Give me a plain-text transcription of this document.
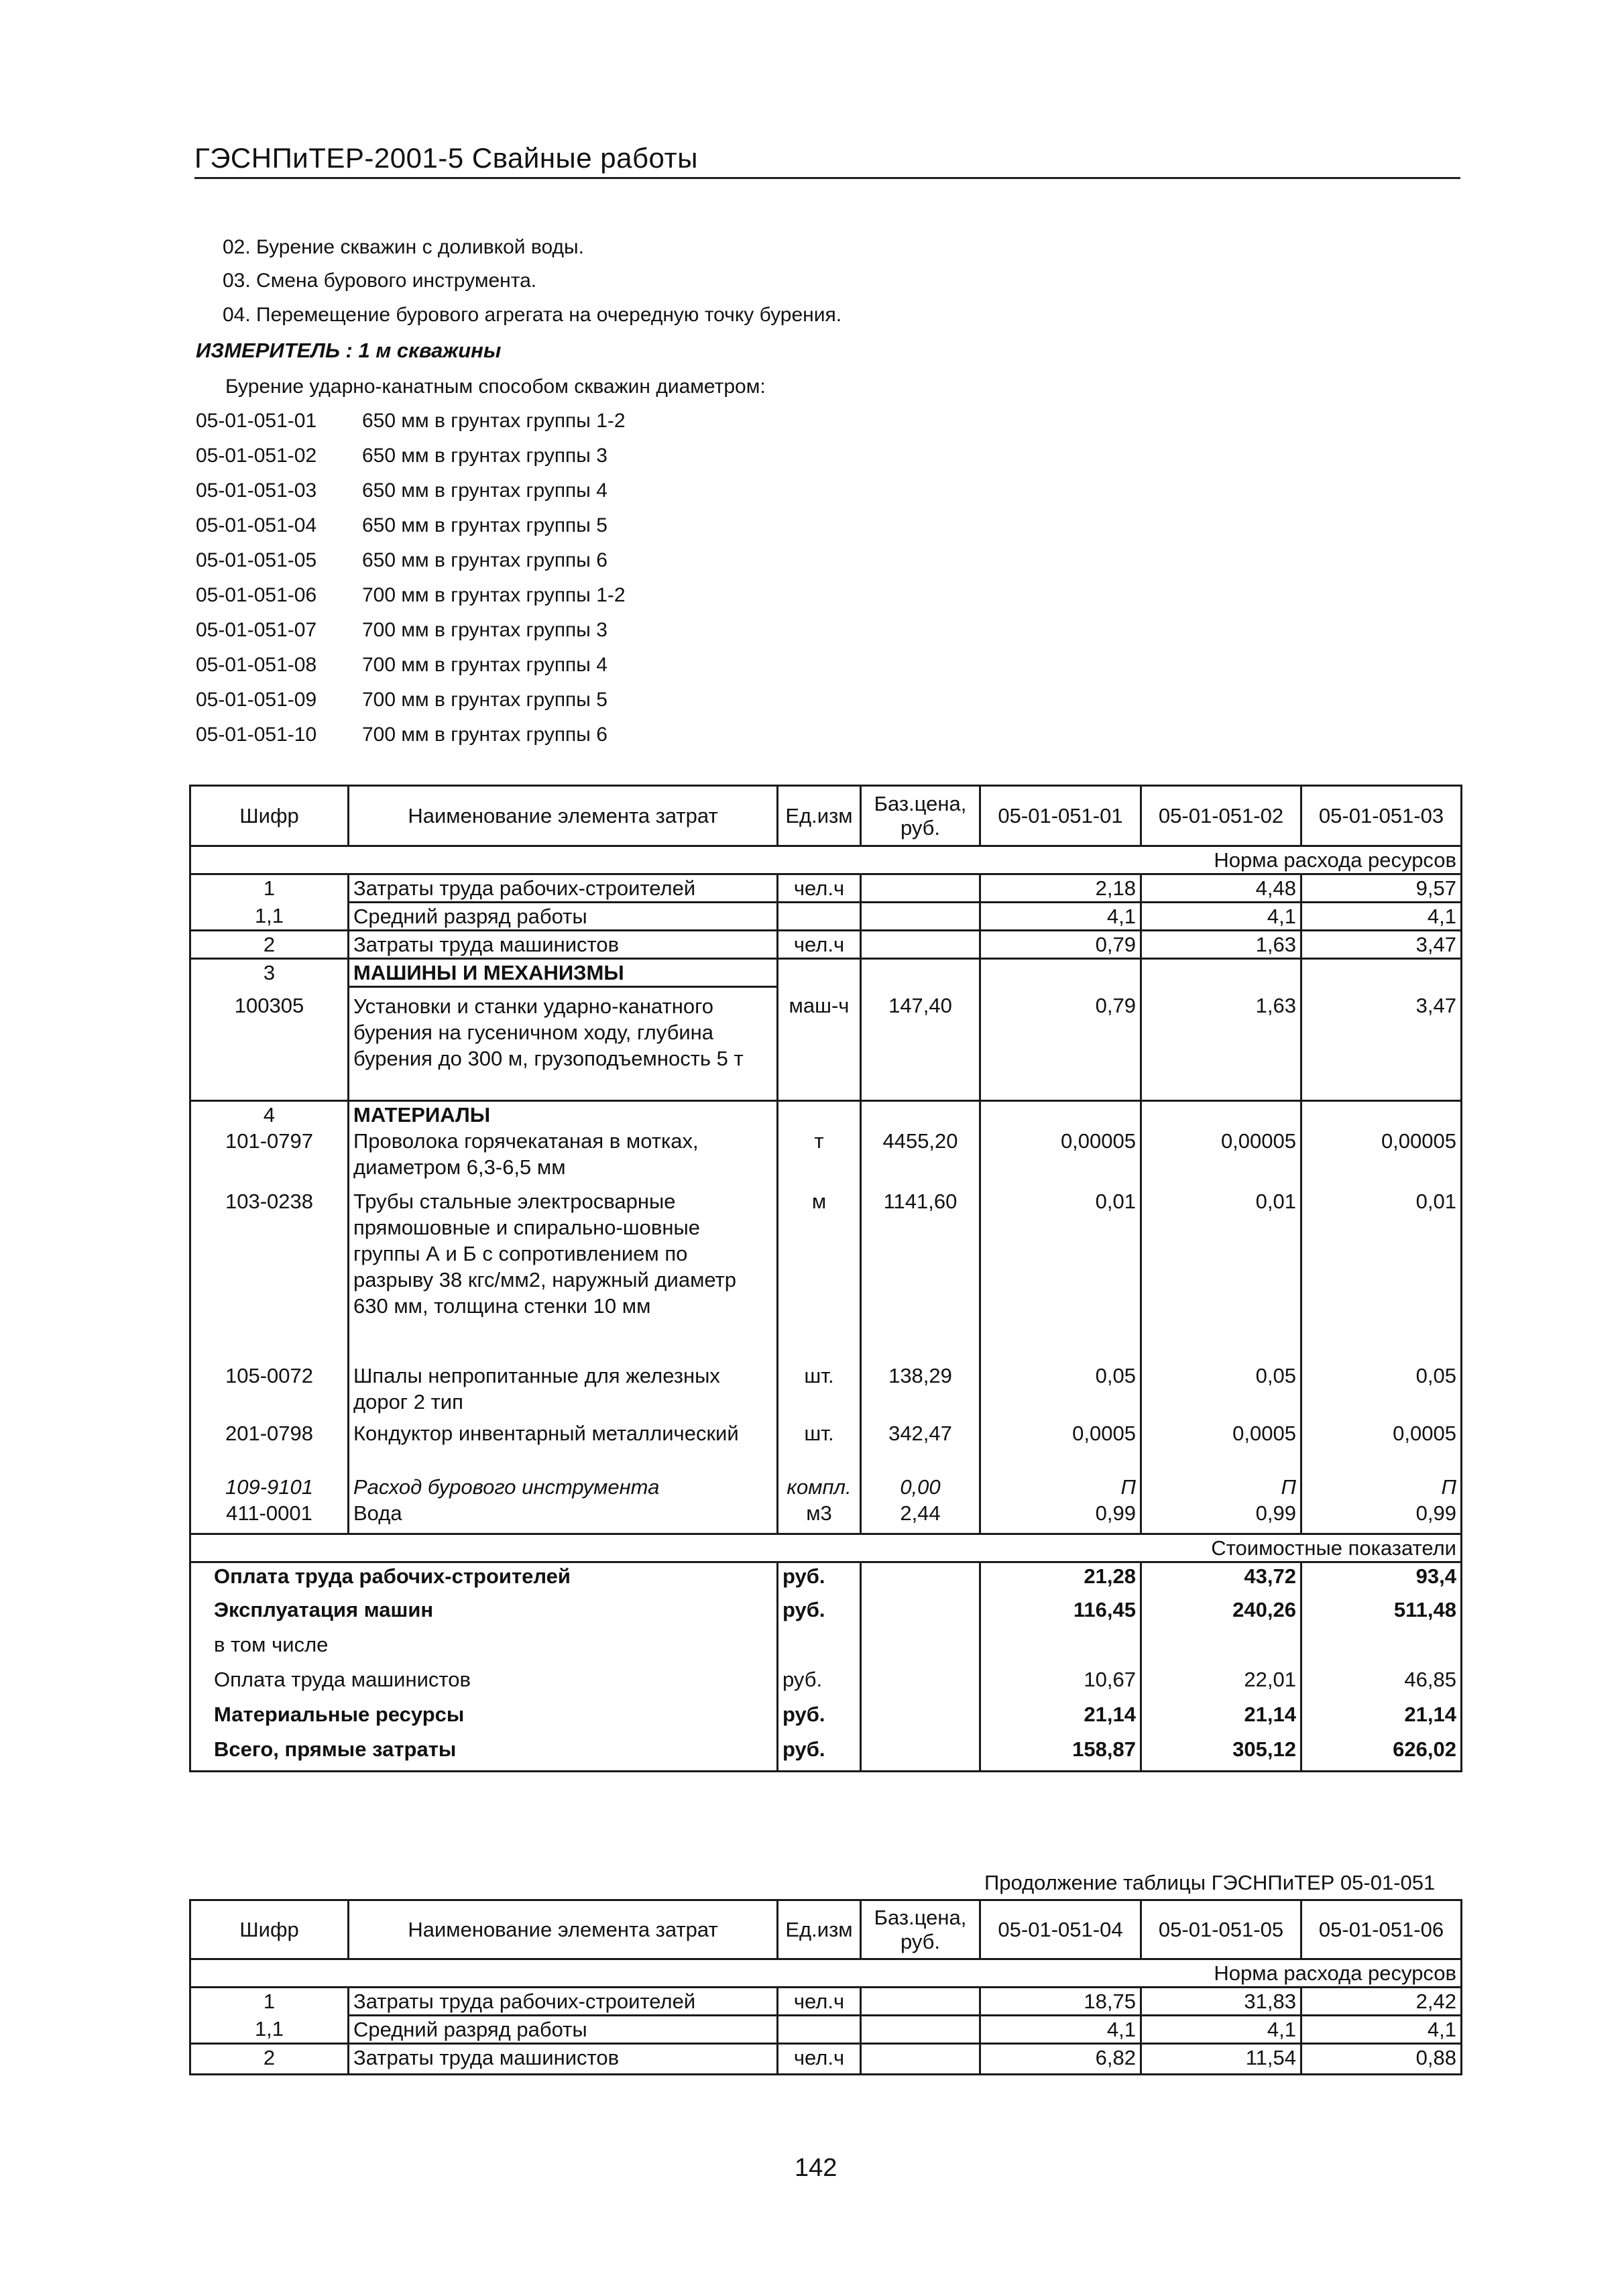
ГЭСНПиТЕР-2001-5 Свайные работы
02. Бурение скважин с доливкой воды.
03. Смена бурового инструмента.
04. Перемещение бурового агрегата на очередную точку бурения.
ИЗМЕРИТЕЛЬ : 1 м скважины
Бурение ударно-канатным способом скважин диаметром:
05-01-051-01 650 мм в грунтах группы 1-2
05-01-051-02 650 мм в грунтах группы 3
05-01-051-03 650 мм в грунтах группы 4
05-01-051-04 650 мм в грунтах группы 5
05-01-051-05 650 мм в грунтах группы 6
05-01-051-06 700 мм в грунтах группы 1-2
05-01-051-07 700 мм в грунтах группы 3
05-01-051-08 700 мм в грунтах группы 4
05-01-051-09 700 мм в грунтах группы 5
05-01-051-10 700 мм в грунтах группы 6
Шифр	Наименование элемента затрат	Ед.изм	Баз.цена, руб.	05-01-051-01	05-01-051-02	05-01-051-03
Норма расхода ресурсов						
1	Затраты труда рабочих-строителей	чел.ч		2,18	4,48	9,57
1,1	Средний разряд работы			4,1	4,1	4,1
2	Затраты труда машинистов	чел.ч		0,79	1,63	3,47
3	МАШИНЫ И МЕХАНИЗМЫ					
100305	Установки и станки ударно-канатного бурения на гусеничном ходу, глубина бурения до 300 м, грузоподъемность 5 т	маш-ч	147,40	0,79	1,63	3,47
4	МАТЕРИАЛЫ					
101-0797	Проволока горячекатаная в мотках, диаметром 6,3-6,5 мм	т	4455,20	0,00005	0,00005	0,00005
103-0238	Трубы стальные электросварные прямошовные и спирально-шовные группы А и Б с сопротивлением по разрыву 38 кгс/мм2, наружный диаметр 630 мм, толщина стенки 10 мм	м	1141,60	0,01	0,01	0,01
105-0072	Шпалы непропитанные для железных дорог 2 тип	шт.	138,29	0,05	0,05	0,05
201-0798	Кондуктор инвентарный металлический	шт.	342,47	0,0005	0,0005	0,0005
109-9101	Расход бурового инструмента	компл.	0,00	П	П	П
411-0001	Вода	м3	2,44	0,99	0,99	0,99
Стоимостные показатели						
Оплата труда рабочих-строителей		руб.		21,28	43,72	93,4
Эксплуатация машин		руб.		116,45	240,26	511,48
в том числе						
Оплата труда машинистов		руб.		10,67	22,01	46,85
Материальные ресурсы		руб.		21,14	21,14	21,14
Всего, прямые затраты		руб.		158,87	305,12	626,02
Продолжение таблицы ГЭСНПиТЕР 05-01-051
Шифр	Наименование элемента затрат	Ед.изм	Баз.цена, руб.	05-01-051-04	05-01-051-05	05-01-051-06
Норма расхода ресурсов						
1	Затраты труда рабочих-строителей	чел.ч		18,75	31,83	2,42
1,1	Средний разряд работы			4,1	4,1	4,1
2	Затраты труда машинистов	чел.ч		6,82	11,54	0,88
142
